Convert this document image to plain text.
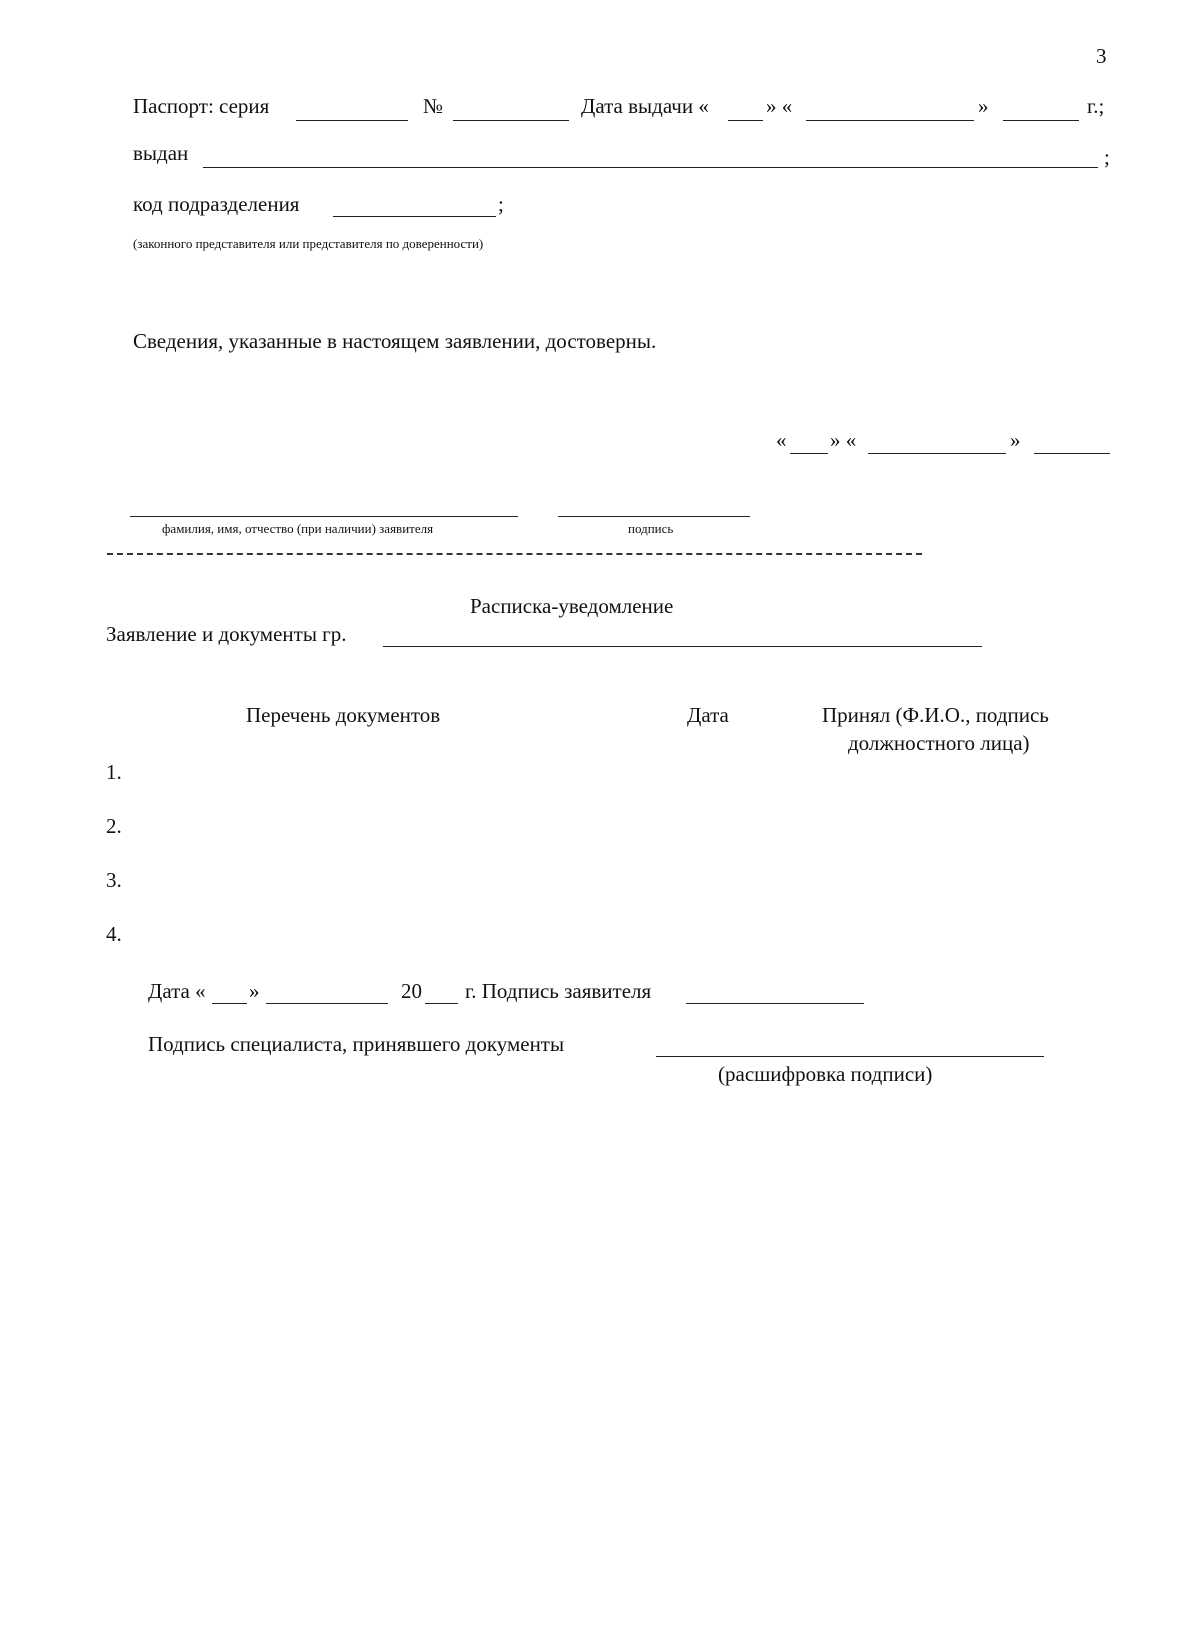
3
Паспорт: серия	№	Дата выдачи «	» «	»	г.;
выдан	;
код подразделения	;
(законного представителя или представителя по доверенности)
Сведения, указанные в настоящем заявлении, достоверны.
« » «	»
фамилия, имя, отчество (при наличии) заявителя	подпись
Расписка-уведомление
Заявление и документы гр.
Перечень документов	Дата	Принял (Ф.И.О., подпись
должностного лица)
1.
2.
3.
4.
Дата « »	20 г. Подпись заявителя
Подпись специалиста, принявшего документы
(расшифровка подписи)
